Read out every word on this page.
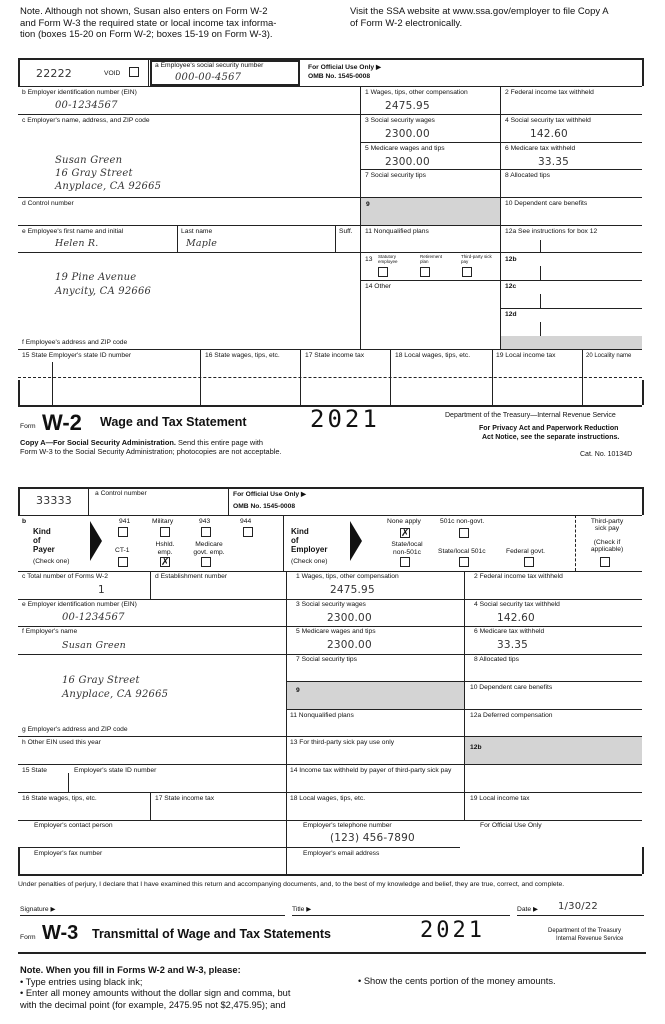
Note. Although not shown, Susan also enters on Form W-2
and Form W-3 the required state or local income tax informa-
tion (boxes 15-20 on Form W-2; boxes 15-19 on Form W-3).
Visit the SSA website at www.ssa.gov/employer to file Copy A
of Form W-2 electronically.
22222	VOID
a Employee's social security number
000-00-4567
For Official Use Only ▶
OMB No. 1545-0008
b Employer identification number (EIN)
00-1234567
c Employer's name, address, and ZIP code
Susan Green
16 Gray Street
Anyplace, CA 92665
d Control number
e Employee's first name and initial	Last name	Suff.
Helen R.	Maple
19 Pine Avenue
Anycity, CA 92666
f Employee's address and ZIP code
1 Wages, tips, other compensation
2475.95
2 Federal income tax withheld
3 Social security wages
2300.00
4 Social security tax withheld
142.60
5 Medicare wages and tips
2300.00
6 Medicare tax withheld
33.35
7 Social security tips	8 Allocated tips
9	10 Dependent care benefits
11 Nonqualified plans	12a See instructions for box 12
13 Statutory employee
Retirement plan
Third-party sick pay	12b
14 Other	12c
12d
15 State Employer's state ID number	16 State wages, tips, etc.	17 State income tax	18 Local wages, tips, etc.	19 Local income tax	20 Locality name
Form W-2 Wage and Tax Statement	2021	Department of the Treasury—Internal Revenue Service
For Privacy Act and Paperwork Reduction
Act Notice, see the separate instructions.
Copy A—For Social Security Administration. Send this entire page with
Form W-3 to the Social Security Administration; photocopies are not acceptable.	Cat. No. 10134D
33333
a Control number	For Official Use Only ▶
OMB No. 1545-0008
b
Kind
of
Payer
(Check one)
941	Military	943	944
CT-1
Hshld. emp.
✗
Medicare govt. emp.
Kind
of
Employer
(Check one)
None apply
✗
501c non-govt.
State/local non-501c	State/local 501c	Federal govt.
Third-party
sick pay
(Check if
applicable)
c Total number of Forms W-2
1
d Establishment number	1 Wages, tips, other compensation
2475.95
2 Federal income tax withheld
e Employer identification number (EIN)
00-1234567
3 Social security wages
2300.00
4 Social security tax withheld
142.60
f Employer's name
Susan Green
5 Medicare wages and tips
2300.00
6 Medicare tax withheld
33.35
16 Gray Street
Anyplace, CA 92665
7 Social security tips	8 Allocated tips
9	10 Dependent care benefits
g Employer's address and ZIP code
11 Nonqualified plans	12a Deferred compensation
h Other EIN used this year	13 For third-party sick pay use only
12b
15 State	Employer's state ID number	14 Income tax withheld by payer of third-party sick pay
16 State wages, tips, etc.	17 State income tax	18 Local wages, tips, etc.	19 Local income tax
Employer's contact person	Employer's telephone number
(123) 456-7890
For Official Use Only
Employer's fax number	Employer's email address
Under penalties of perjury, I declare that I have examined this return and accompanying documents, and, to the best of my knowledge and belief, they are true, correct, and complete.
Signature ▶	Title ▶	Date ▶ 1/30/22
Form W-3 Transmittal of Wage and Tax Statements	2021	Department of the Treasury
Internal Revenue Service
Note. When you fill in Forms W-2 and W-3, please:
• Type entries using black ink;
• Enter all money amounts without the dollar sign and comma, but
with the decimal point (for example, 2475.95 not $2,475.95); and
• Show the cents portion of the money amounts.
